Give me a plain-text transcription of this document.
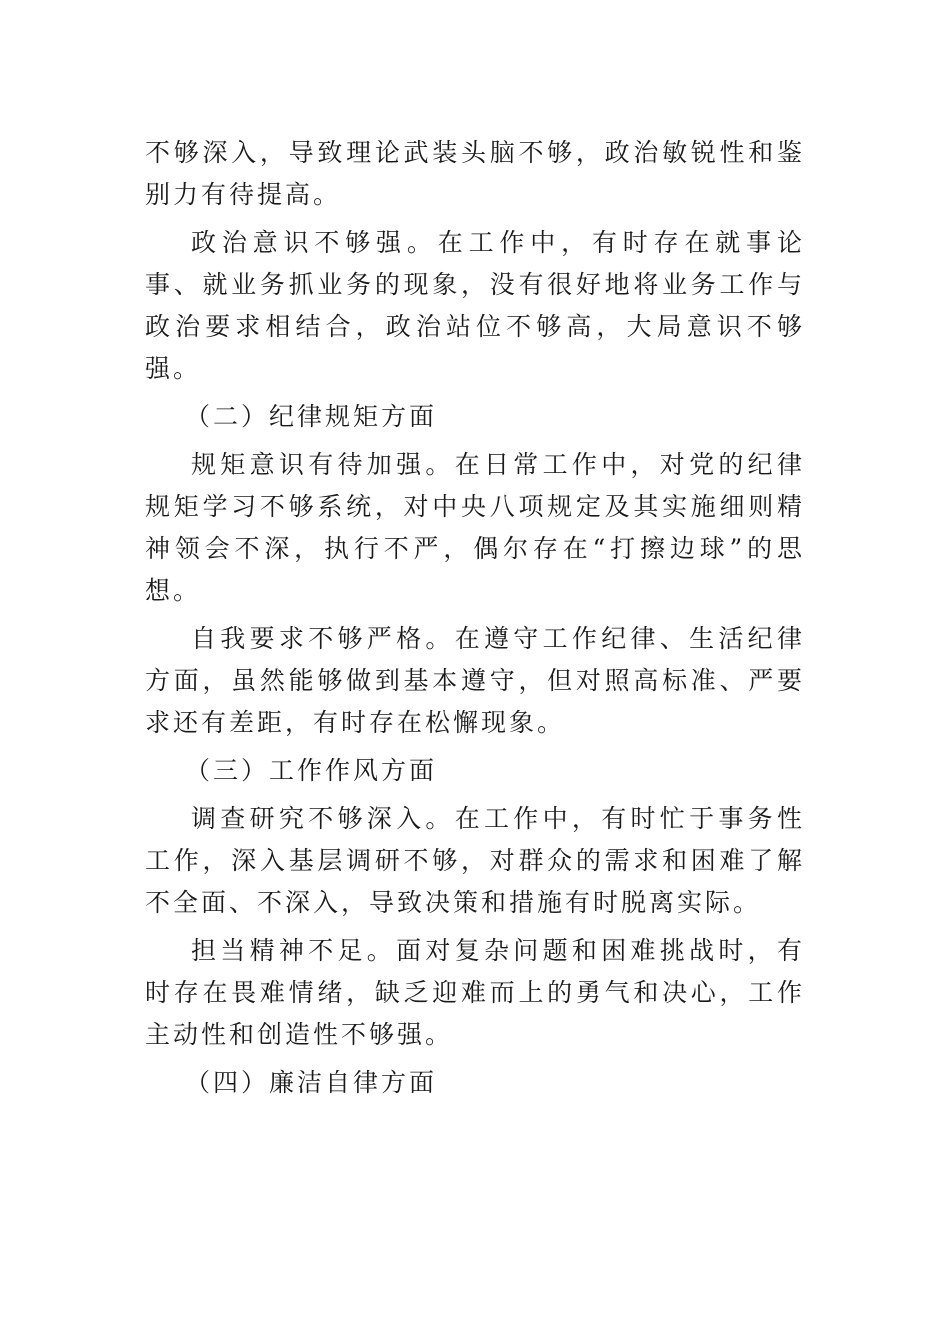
不够深入，导致理论武装头脑不够，政治敏锐性和鉴别力有待提高。

政治意识不够强。在工作中，有时存在就事论事、就业务抓业务的现象，没有很好地将业务工作与政治要求相结合，政治站位不够高，大局意识不够强。

（二）纪律规矩方面

规矩意识有待加强。在日常工作中，对党的纪律规矩学习不够系统，对中央八项规定及其实施细则精神领会不深，执行不严，偶尔存在“打擦边球”的思想。

自我要求不够严格。在遵守工作纪律、生活纪律方面，虽然能够做到基本遵守，但对照高标准、严要求还有差距，有时存在松懈现象。

（三）工作作风方面

调查研究不够深入。在工作中，有时忙于事务性工作，深入基层调研不够，对群众的需求和困难了解不全面、不深入，导致决策和措施有时脱离实际。

担当精神不足。面对复杂问题和困难挑战时，有时存在畏难情绪，缺乏迎难而上的勇气和决心，工作主动性和创造性不够强。

（四）廉洁自律方面
